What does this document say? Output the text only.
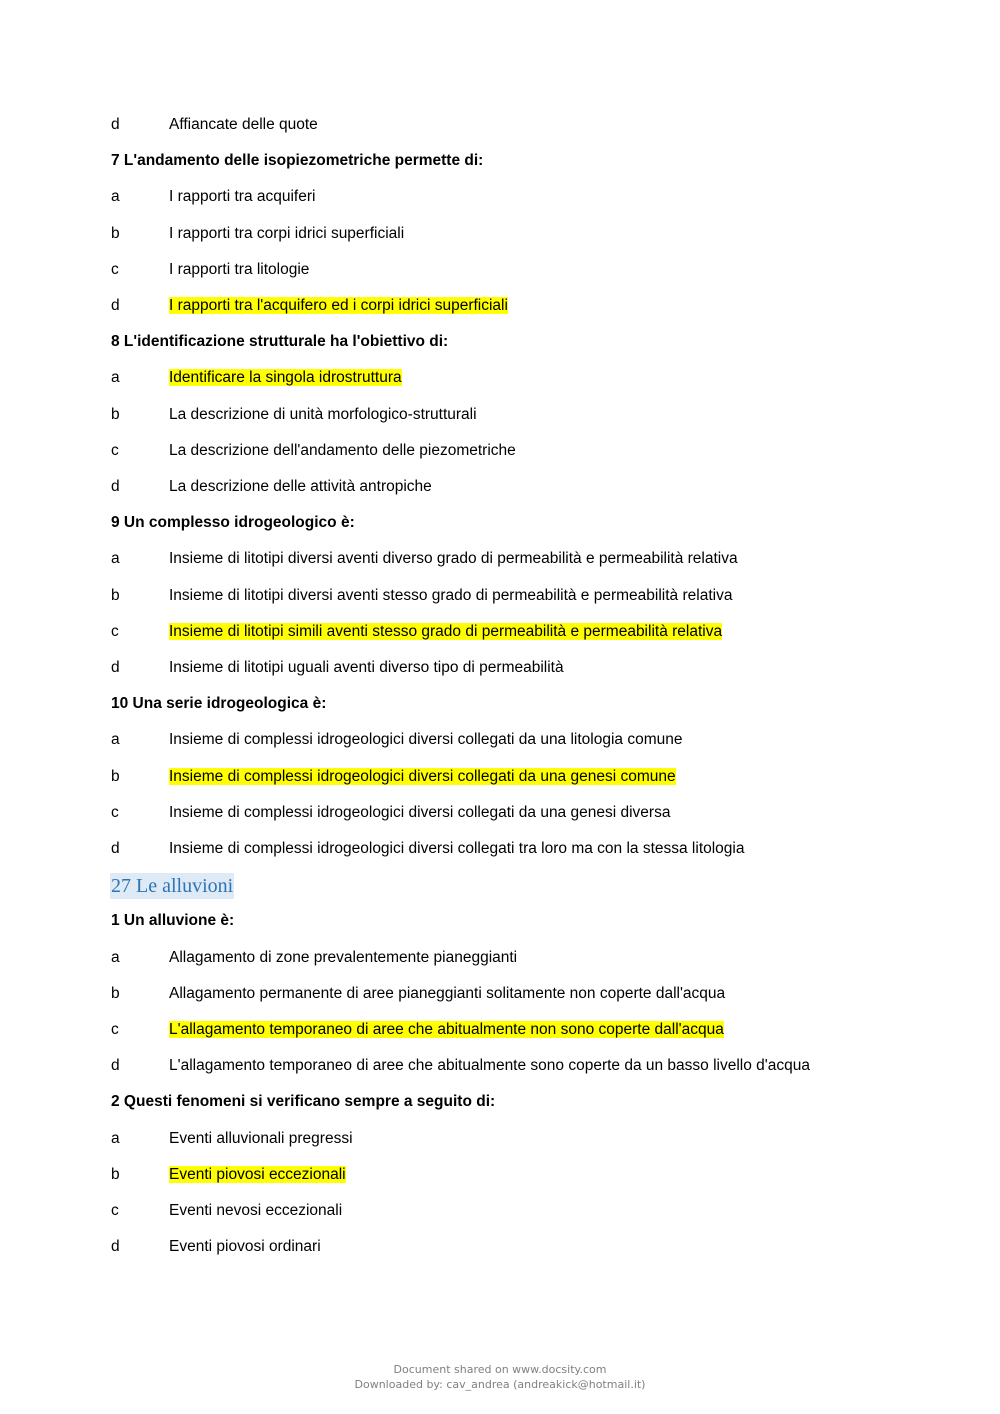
d	Affiancate delle quote
7 L'andamento delle isopiezometriche permette di:
a	I rapporti tra acquiferi
b	I rapporti tra corpi idrici superficiali
c	I rapporti tra litologie
d	I rapporti tra l'acquifero ed i corpi idrici superficiali
8 L'identificazione strutturale ha l'obiettivo di:
a	Identificare la singola idrostruttura
b	La descrizione di unità morfologico-strutturali
c	La descrizione dell'andamento delle piezometriche
d	La descrizione delle attività antropiche
9 Un complesso idrogeologico è:
a	Insieme di litotipi diversi aventi diverso grado di permeabilità e permeabilità relativa
b	Insieme di litotipi diversi aventi stesso grado di permeabilità e permeabilità relativa
c	Insieme di litotipi simili aventi stesso grado di permeabilità e permeabilità relativa
d	Insieme di litotipi uguali aventi diverso tipo di permeabilità
10 Una serie idrogeologica è:
a	Insieme di complessi idrogeologici diversi collegati da una litologia comune
b	Insieme di complessi idrogeologici diversi collegati da una genesi comune
c	Insieme di complessi idrogeologici diversi collegati da una genesi diversa
d	Insieme di complessi idrogeologici diversi collegati tra loro ma con la stessa litologia
27 Le alluvioni
1 Un alluvione è:
a	Allagamento di zone prevalentemente pianeggianti
b	Allagamento permanente di aree pianeggianti solitamente non coperte dall'acqua
c	L'allagamento temporaneo di aree che abitualmente non sono coperte dall'acqua
d	L'allagamento temporaneo di aree che abitualmente sono coperte da un basso livello d'acqua
2 Questi fenomeni si verificano sempre a seguito di:
a	Eventi alluvionali pregressi
b	Eventi piovosi eccezionali
c	Eventi nevosi eccezionali
d	Eventi piovosi ordinari
Document shared on www.docsity.com
Downloaded by: cav_andrea (andreakick@hotmail.it)
